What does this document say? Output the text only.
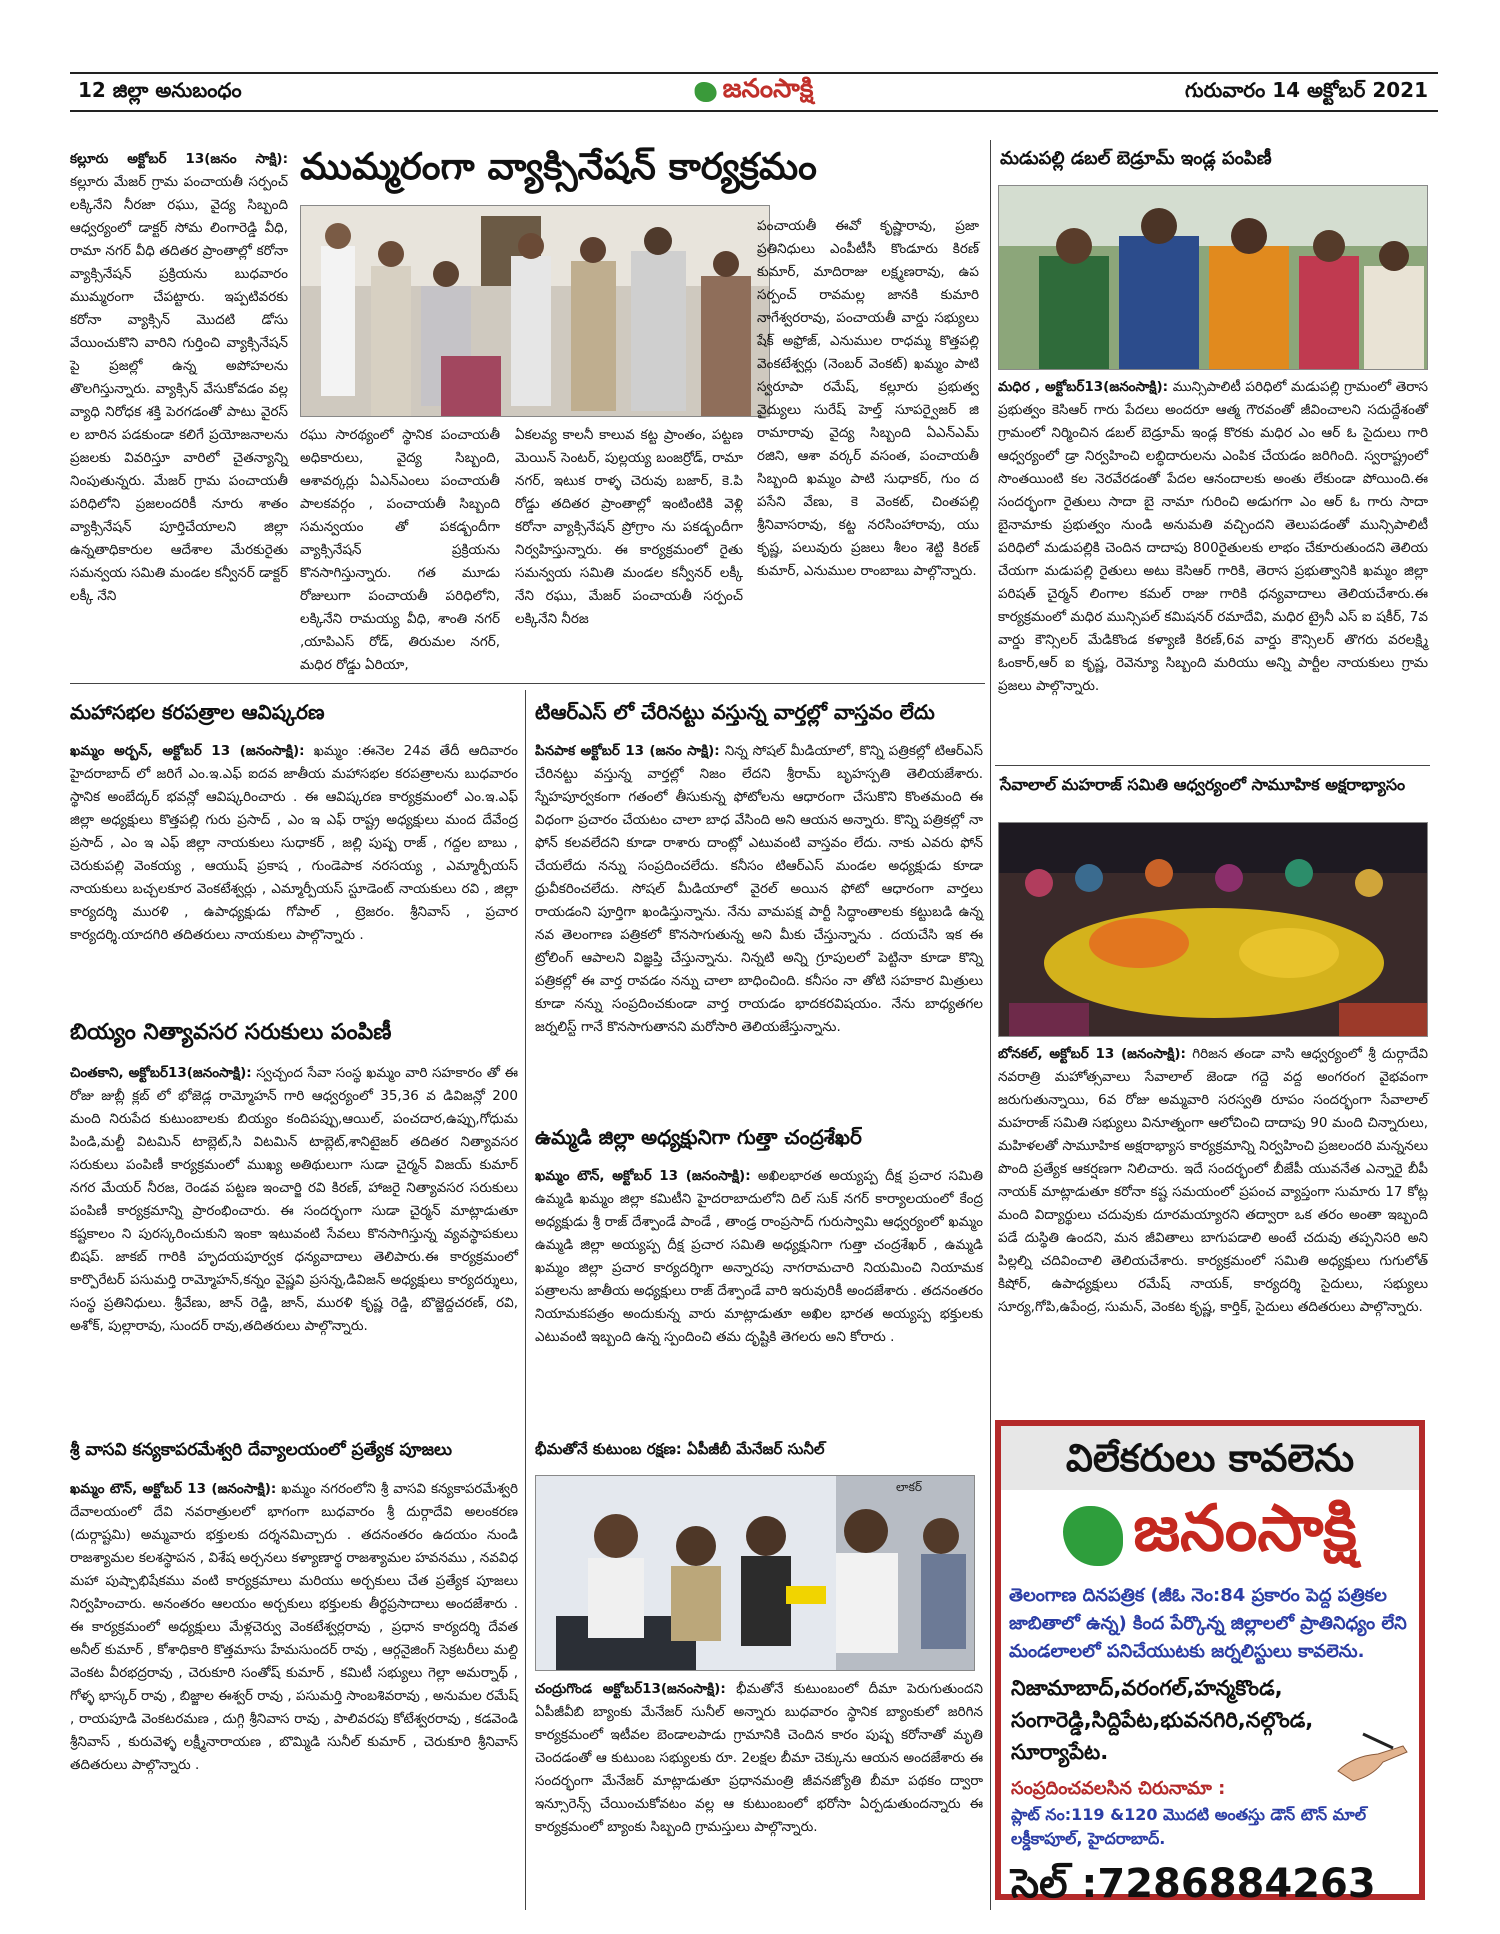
12 జిల్లా అనుబంధం	జనంసాక్షి	గురువారం 14 అక్టోబర్ 2021
ముమ్మరంగా వ్యాక్సినేషన్ కార్యక్రమం

కల్లూరు అక్టోబర్ 13(జనం సాక్షి): కల్లూరు మేజర్ గ్రామ పంచాయతీ సర్పంచ్ లక్కినేని నీరజా రఘు, వైద్య సిబ్బంది ఆధ్వర్యంలో డాక్టర్ సోమ లింగారెడ్డి వీధి, రామా నగర్ వీధి తదితర ప్రాంతాల్లో కరోనా వ్యాక్సినేషన్ ప్రక్రియను బుధవారం ముమ్మరంగా చేపట్టారు. ఇప్పటివరకు కరోనా వ్యాక్సిన్ మొదటి డోసు వేయించుకొని వారిని గుర్తించి వ్యాక్సినేషన్ పై ప్రజల్లో ఉన్న అపోహలను తొలగిస్తున్నారు. వ్యాక్సిన్ వేసుకోవడం వల్ల వ్యాధి నిరోధక శక్తి పెరగడంతో పాటు వైరస్ ల బారిన పడకుండా కలిగే ప్రయోజనాలను ప్రజలకు వివరిస్తూ వారిలో చైతన్యాన్ని నింపుతున్నరు. మేజర్ గ్రామ పంచాయతీ పరిధిలోని ప్రజలందరికీ నూరు శాతం వ్యాక్సినేషన్ పూర్తిచేయాలని జిల్లా ఉన్నతాధికారుల ఆదేశాల మేరకురైతు సమన్వయ సమితి మండల కన్వీనర్ డాక్టర్ లక్కీ నేని

రఘు సారథ్యంలో స్థానిక పంచాయతీ అధికారులు, వైద్య సిబ్బంది, ఆశావర్కర్లు ఏఎన్ఎంలు పంచాయతీ పాలకవర్గం , పంచాయతీ సిబ్బంది సమన్వయం తో పకడ్బందీగా వ్యాక్సినేషన్ ప్రక్రియను కొనసాగిస్తున్నారు. గత మూడు రోజులుగా పంచాయతీ పరిధిలోని, లక్కినేని రామయ్య వీధి, శాంతి నగర్ ,యాపిఎస్ రోడ్, తిరుమల నగర్, మధిర రోడ్డు ఏరియా,

ఏకలవ్య కాలనీ కాలువ కట్ట ప్రాంతం, పట్టణ మెయిన్ సెంటర్, పుల్లయ్య బంజర్రోడ్, రామా నగర్, ఇటుక రాళ్ళ చెరువు బజార్, కె.పి రోడ్డు తదితర ప్రాంతాల్లో ఇంటింటికి వెళ్లి కరోనా వ్యాక్సినేషన్ ప్రోగ్రాం ను పకడ్బందీగా నిర్వహిస్తున్నారు. ఈ కార్యక్రమంలో రైతు సమన్వయ సమితి మండల కన్వీనర్ లక్కీ నేని రఘు, మేజర్ పంచాయతీ సర్పంచ్ లక్కినేని నీరజ

పంచాయతీ ఈవో కృష్ణారావు, ప్రజా ప్రతినిధులు ఎంపీటీసీ కొండూరు కిరణ్ కుమార్, మాదిరాజు లక్ష్మణరావు, ఉప సర్పంచ్ రావమల్ల జానకి కుమారి నాగేశ్వరరావు, పంచాయతీ వార్డు సభ్యులు షేక్ అఫ్రోజ్, ఎనుముల రాధమ్మ కొత్తపల్లి వెంకటేశ్వర్లు (నెంబర్ వెంకట్) ఖమ్మం పాటి స్వరూపా రమేష్, కల్లూరు ప్రభుత్వ వైద్యులు సురేష్ హెల్త్ సూపర్వైజర్ జి రామారావు వైద్య సిబ్బంది ఏఎన్ఎమ్ రజిని, ఆశా వర్కర్ వసంత, పంచాయతీ సిబ్బంది ఖమ్మం పాటి సుధాకర్, గుం ద పసేని వేణు, కె వెంకట్, చింతపల్లి శ్రీనివాసరావు, కట్ట నరసింహారావు, యు కృష్ణ, పలువురు ప్రజలు శీలం శెట్టి కిరణ్ కుమార్, ఎనుముల రాంబాబు పాల్గొన్నారు.

మడుపల్లి డబల్ బెడ్రూమ్ ఇండ్ల పంపిణీ

మధిర , అక్టోబర్13(జనంసాక్షి): మున్సిపాలిటీ పరిధిలో మడుపల్లి గ్రామంలో తెరాస ప్రభుత్వం కెసిఆర్ గారు పేదలు అందరూ ఆత్మ గౌరవంతో జీవించాలని సదుద్దేశంతో గ్రామంలో నిర్మించిన డబల్ బెడ్రూమ్ ఇండ్ల కొరకు మధిర ఎం ఆర్ ఓ సైదులు గారి ఆధ్వర్యంలో డ్రా నిర్వహించి లబ్ధిదారులను ఎంపిక చేయడం జరిగింది. స్వరాష్ట్రంలో సొంతయింటి కల నెరవేరడంతో పేదల ఆనందాలకు అంతు లేకుండా పోయింది.ఈ సందర్భంగా రైతులు సాదా బై నామా గురించి అడుగగా ఎం ఆర్ ఓ గారు సాదా బైనామాకు ప్రభుత్వం నుండి అనుమతి వచ్చిందని తెలుపడంతో మున్సిపాలిటీ పరిధిలో మడుపల్లికి చెందిన దాదాపు 800రైతులకు లాభం చేకూరుతుందని తెలియ చేయగా మడుపల్లి రైతులు అటు కెసిఆర్ గారికి, తెరాస ప్రభుత్వానికి ఖమ్మం జిల్లా పరిషత్ చైర్మన్ లింగాల కమల్ రాజు గారికి ధన్యవాదాలు తెలియచేశారు.ఈ కార్యక్రమంలో మధిర మున్సిపల్ కమిషనర్ రమాదేవి, మధిర ట్రైనీ ఎస్ ఐ షకీర్, 7వ వార్డు కౌన్సిలర్ మేడికొండ కళ్యాణి కిరణ్,6వ వార్డు కౌన్సిలర్ తొగరు వరలక్ష్మి ఓంకార్,ఆర్ ఐ కృష్ణ, రెవెన్యూ సిబ్బంది మరియు అన్ని పార్టీల నాయకులు గ్రామ ప్రజలు పాల్గొన్నారు.

సేవాలాల్ మహరాజ్ సమితి ఆధ్వర్యంలో సామూహిక అక్షరాభ్యాసం

బోనకల్, అక్టోబర్ 13 (జనంసాక్షి): గిరిజన తండా వాసి ఆధ్వర్యంలో శ్రీ దుర్గాదేవి నవరాత్రి మహోత్సవాలు సేవాలాల్ జెండా గద్దె వద్ద అంగరంగ వైభవంగా జరుగుతున్నాయి, 6వ రోజు అమ్మవారి సరస్వతి రూపం సందర్భంగా సేవాలాల్ మహరాజ్ సమితి సభ్యులు వినూత్నంగా ఆలోచించి దాదాపు 90 మంది చిన్నారులు, మహిళలతో సామూహిక అక్షరాభ్యాస కార్యక్రమాన్ని నిర్వహించి ప్రజలందరి మన్ననలు పొంది ప్రత్యేక ఆకర్షణగా నిలిచారు. ఇదే సందర్భంలో బీజేపీ యువనేత ఎన్నారై బీపీ నాయక్ మాట్లాడుతూ కరోనా కష్ట సమయంలో ప్రపంచ వ్యాప్తంగా సుమారు 17 కోట్ల మంది విద్యార్థులు చదువుకు దూరమయ్యారని తద్వారా ఒక తరం అంతా ఇబ్బంది పడే దుస్థితి ఉందని, మన జీవితాలు బాగుపడాలి అంటే చదువు తప్పనిసరి అని పిల్లల్ని చదివించాలి తెలియచేశారు. కార్యక్రమంలో సమితి అధ్యక్షులు గుగులోత్ కిషోర్, ఉపాధ్యక్షులు రమేష్ నాయక్, కార్యదర్శి సైదులు, సభ్యులు సూర్య,గోపి,ఉపేంద్ర, సుమన్, వెంకట కృష్ణ, కార్తిక్, సైదులు తదితరులు పాల్గొన్నారు.

మహాసభల కరపత్రాల ఆవిష్కరణ

ఖమ్మం అర్బన్, అక్టోబర్ 13 (జనంసాక్షి): ఖమ్మం :ఈనెల 24వ తేదీ ఆదివారం హైదరాబాద్ లో జరిగే ఎం.ఇ.ఎఫ్ ఐదవ జాతీయ మహాసభల కరపత్రాలను బుధవారం స్థానిక అంబేద్కర్ భవన్లో ఆవిష్కరించారు . ఈ ఆవిష్కరణ కార్యక్రమంలో ఎం.ఇ.ఎఫ్ జిల్లా అధ్యక్షులు కొత్తపల్లి గురు ప్రసాద్ , ఎం ఇ ఎఫ్ రాష్ట్ర అధ్యక్షులు మంద దేవేంద్ర ప్రసాద్ , ఎం ఇ ఎఫ్ జిల్లా నాయకులు సుధాకర్ , జల్లి పుష్ప రాజ్ , గద్దల బాబు , చెరుకుపల్లి వెంకయ్య , ఆయుష్ ప్రకాష , గుండెపాక నరసయ్య , ఎమ్మార్పీయస్ నాయకులు బచ్చలకూర వెంకటేశ్వర్లు , ఎమ్మార్పీయస్ స్టూడెంట్ నాయకులు రవి , జిల్లా కార్యదర్శి మురళి , ఉపాధ్యక్షుడు గోపాల్ , ట్రెజరం. శ్రీనివాస్ , ప్రచార కార్యదర్శి.యాదగిరి తదితరులు నాయకులు పాల్గొన్నారు .

బియ్యం నిత్యావసర సరుకులు పంపిణీ

చింతకాని, అక్టోబర్13(జనంసాక్షి): స్వచ్చంద సేవా సంస్థ ఖమ్మం వారి సహకారం తో ఈ రోజు జుబ్లీ క్లబ్ లో భోజెడ్ల రామ్మోహన్ గారి ఆధ్వర్యంలో 35,36 వ డివిజన్లో 200 మంది నిరుపేద కుటుంబాలకు బియ్యం కందిపప్పు,ఆయిల్, పంచదార,ఉప్పు,గోధుమ పిండి,మల్టీ విటమిన్ టాబ్లెట్,సి విటమిన్ టాబ్లెట్,శానిటైజర్ తదితర నిత్యావసర సరుకులు పంపిణీ కార్యక్రమంలో ముఖ్య అతిథులుగా సుడా చైర్మన్ విజయ్ కుమార్ నగర మేయర్ నీరజ, రెండవ పట్టణ ఇంచార్జి రవి కిరణ్, హాజరై నిత్యావసర సరుకులు పంపిణీ కార్యక్రమాన్ని ప్రారంభించారు. ఈ సందర్భంగా సుడా చైర్మన్ మాట్లాడుతూ కష్టకాలం ని పురస్కరించుకుని ఇంకా ఇటువంటి సేవలు కొనసాగిస్తున్న వ్యవస్థాపకులు బిషప్. జాకబ్ గారికి హృదయపూర్వక ధన్యవాదాలు తెలిపారు.ఈ కార్యక్రమంలో కార్పొరేటర్ పసుమర్తి రామ్మోహన్,కన్నం వైష్ణవి ప్రసన్న,డివిజన్ అధ్యక్షులు కార్యదర్శులు, సంస్థ ప్రతినిధులు. శ్రీవేణు, జాన్ రెడ్డి, జాన్, మురళి కృష్ణ రెడ్డి, బొజ్జెద్దచరణ్, రవి, అశోక్, పుల్లారావు, సుందర్ రావు,తదితరులు పాల్గొన్నారు.

శ్రీ వాసవి కన్యకాపరమేశ్వరి దేవ్యాలయంలో ప్రత్యేక పూజలు

ఖమ్మం టౌన్, అక్టోబర్ 13 (జనంసాక్షి): ఖమ్మం నగరంలోని శ్రీ వాసవి కన్యకాపరమేశ్వరి దేవాలయంలో దేవి నవరాత్రులలో భాగంగా బుధవారం శ్రీ దుర్గాదేవి అలంకరణ (దుర్గాష్టమి) అమ్మవారు భక్తులకు దర్శనమిచ్చారు . తదనంతరం ఉదయం నుండి రాజశ్యామల కలశస్థాపన , విశేష అర్చనలు కళ్యాణార్థ రాజశ్యామల హవనము , నవవిధ మహా పుష్పాభిషేకము వంటి కార్యక్రమాలు మరియు అర్చకులు చేత ప్రత్యేక పూజలు నిర్వహించారు. అనంతరం ఆలయం అర్చకులు భక్తులకు తీర్థప్రసాదాలు అందజేశారు . ఈ కార్యక్రమంలో అధ్యక్షులు మేళ్లచెర్వు వెంకటేశ్వర్లరావు , ప్రధాన కార్యదర్శి దేవత అనీల్ కుమార్ , కోశాధికారి కొత్తమాసు హేమసుందర్ రావు , ఆర్గనైజింగ్ సెక్రటరీలు మల్ది వెంకట వీరభద్రరావు , చెరుకూరి సంతోష్ కుమార్ , కమిటీ సభ్యులు గెల్లా అమర్నాథ్ , గోళ్ళ భాస్కర్ రావు , బిజ్జాల ఈశ్వర్ రావు , పసుమర్తి సాంబశివరావు , అనుమల రమేష్ , రాయపూడి వెంకటరమణ , దుగ్గి శ్రీనివాస రావు , పాలివరపు కోటేశ్వరరావు , కడవెండి శ్రీనివాస్ , కురువెళ్ళ లక్ష్మీనారాయణ , బొమ్మిడి సునీల్ కుమార్ , చెరుకూరి శ్రీనివాస్ తదితరులు పాల్గొన్నారు .

టిఆర్ఎస్ లో చేరినట్టు వస్తున్న వార్తల్లో వాస్తవం లేదు

పినపాక అక్టోబర్ 13 (జనం సాక్షి): నిన్న సోషల్ మీడియాలో, కొన్ని పత్రికల్లో టిఆర్ఎస్ చేరినట్టు వస్తున్న వార్తల్లో నిజం లేదని శ్రీరామ్ బృహస్పతి తెలియజేశారు. స్నేహపూర్వకంగా గతంలో తీసుకున్న ఫోటోలను ఆధారంగా చేసుకొని కొంతమంది ఈ విధంగా ప్రచారం చేయటం చాలా బాధ వేసింది అని ఆయన అన్నారు. కొన్ని పత్రికల్లో నా ఫోన్ కలవలేదని కూడా రాశారు దాంట్లో ఎటువంటి వాస్తవం లేదు. నాకు ఎవరు ఫోన్ చేయలేదు నన్ను సంప్రదించలేదు. కనీసం టిఆర్ఎస్ మండల అధ్యక్షుడు కూడా ధ్రువీకరించలేదు. సోషల్ మీడియాలో వైరల్ అయిన ఫోటో ఆధారంగా వార్తలు రాయడంని పూర్తిగా ఖండిస్తున్నాను. నేను వామపక్ష పార్టీ సిద్ధాంతాలకు కట్టుబడి ఉన్న నవ తెలంగాణ పత్రికలో కొనసాగుతున్న అని మీకు చేస్తున్నాను . దయచేసి ఇక ఈ ట్రోలింగ్ ఆపాలని విజ్ఞప్తి చేస్తున్నాను. నిన్నటి అన్ని గ్రూపులలో పెట్టినా కూడా కొన్ని పత్రికల్లో ఈ వార్త రావడం నన్ను చాలా బాధించింది. కనీసం నా తోటి సహకార మిత్రులు కూడా నన్ను సంప్రదించకుండా వార్త రాయడం భాదకరవిషయం. నేను బాధ్యతగల జర్నలిస్ట్ గానే కొనసాగుతానని మరోసారి తెలియజేస్తున్నాను.

ఉమ్మడి జిల్లా అధ్యక్షునిగా గుత్తా చంద్రశేఖర్

ఖమ్మం టౌన్, అక్టోబర్ 13 (జనంసాక్షి): అఖిలభారత అయ్యప్ప దీక్ష ప్రచార సమితి ఉమ్మడి ఖమ్మం జిల్లా కమిటీని హైదరాబాదులోని దిల్ సుక్ నగర్ కార్యాలయంలో కేంద్ర అధ్యక్షుడు శ్రీ రాజ్ దేశ్పాండే పాండే , తాండ్ర రాంప్రసాద్ గురుస్వామి ఆధ్వర్యంలో ఖమ్మం ఉమ్మడి జిల్లా అయ్యప్ప దీక్ష ప్రచార సమితి అధ్యక్షునిగా గుత్తా చంద్రశేఖర్ , ఉమ్మడి ఖమ్మం జిల్లా ప్రచార కార్యదర్శిగా అన్నారపు నాగరామచారి నియమించి నియామక పత్రాలను జాతీయ అధ్యక్షులు రాజ్ దేశ్పాండే వారి ఇరువురికీ అందజేశారు . తదనంతరం నియామకపత్రం అందుకున్న వారు మాట్లాడుతూ అఖిల భారత అయ్యప్ప భక్తులకు ఎటువంటి ఇబ్బంది ఉన్న స్పందించి తమ దృష్టికి తెగలరు అని కోరారు .

భీమతోనే కుటుంబ రక్షణ: ఏపీజీబీ మేనేజర్ సునీల్
లాకర్

చంద్రుగొండ అక్టోబర్13(జనంసాక్షి): భీమతోనే కుటుంబంలో దీమా పెరుగుతుందని ఏపీజీవీబి బ్యాంకు మేనేజర్ సునీల్ అన్నారు బుధవారం స్థానిక బ్యాంకులో జరిగిన కార్యక్రమంలో ఇటీవల బెండాలపాడు గ్రామానికి చెందిన కారం పుష్ప కరోనాతో మృతి చెందడంతో ఆ కుటుంబ సభ్యులకు రూ. 2లక్షల బీమా చెక్కును ఆయన అందజేశారు ఈ సందర్భంగా మేనేజర్ మాట్లాడుతూ ప్రధానమంత్రి జీవనజ్యోతి బీమా పథకం ద్వారా ఇన్సూరెన్స్ చేయించుకోవటం వల్ల ఆ కుటుంబంలో భరోసా ఏర్పడుతుందన్నారు ఈ కార్యక్రమంలో బ్యాంకు సిబ్బంది గ్రామస్తులు పాల్గొన్నారు.

విలేకరులు కావలెను
జనంసాక్షి
తెలంగాణ దినపత్రిక (జీఓ నెం:84 ప్రకారం పెద్ద పత్రికల జాబితాలో ఉన్న) కింద పేర్కొన్న జిల్లాలలో ప్రాతినిధ్యం లేని మండలాలలో పనిచేయుటకు జర్నలిస్టులు కావలెను.
నిజామాబాద్,వరంగల్,హన్మకొండ, సంగారెడ్డి,సిద్దిపేట,భువనగిరి,నల్గొండ, సూర్యాపేట.
సంప్రదించవలసిన చిరునామా :
ప్లాట్ నం:119 &120 మొదటి అంతస్తు డౌన్ టౌన్ మాల్ లక్డీకాపూల్, హైదరాబాద్.
సెల్ :7286884263
